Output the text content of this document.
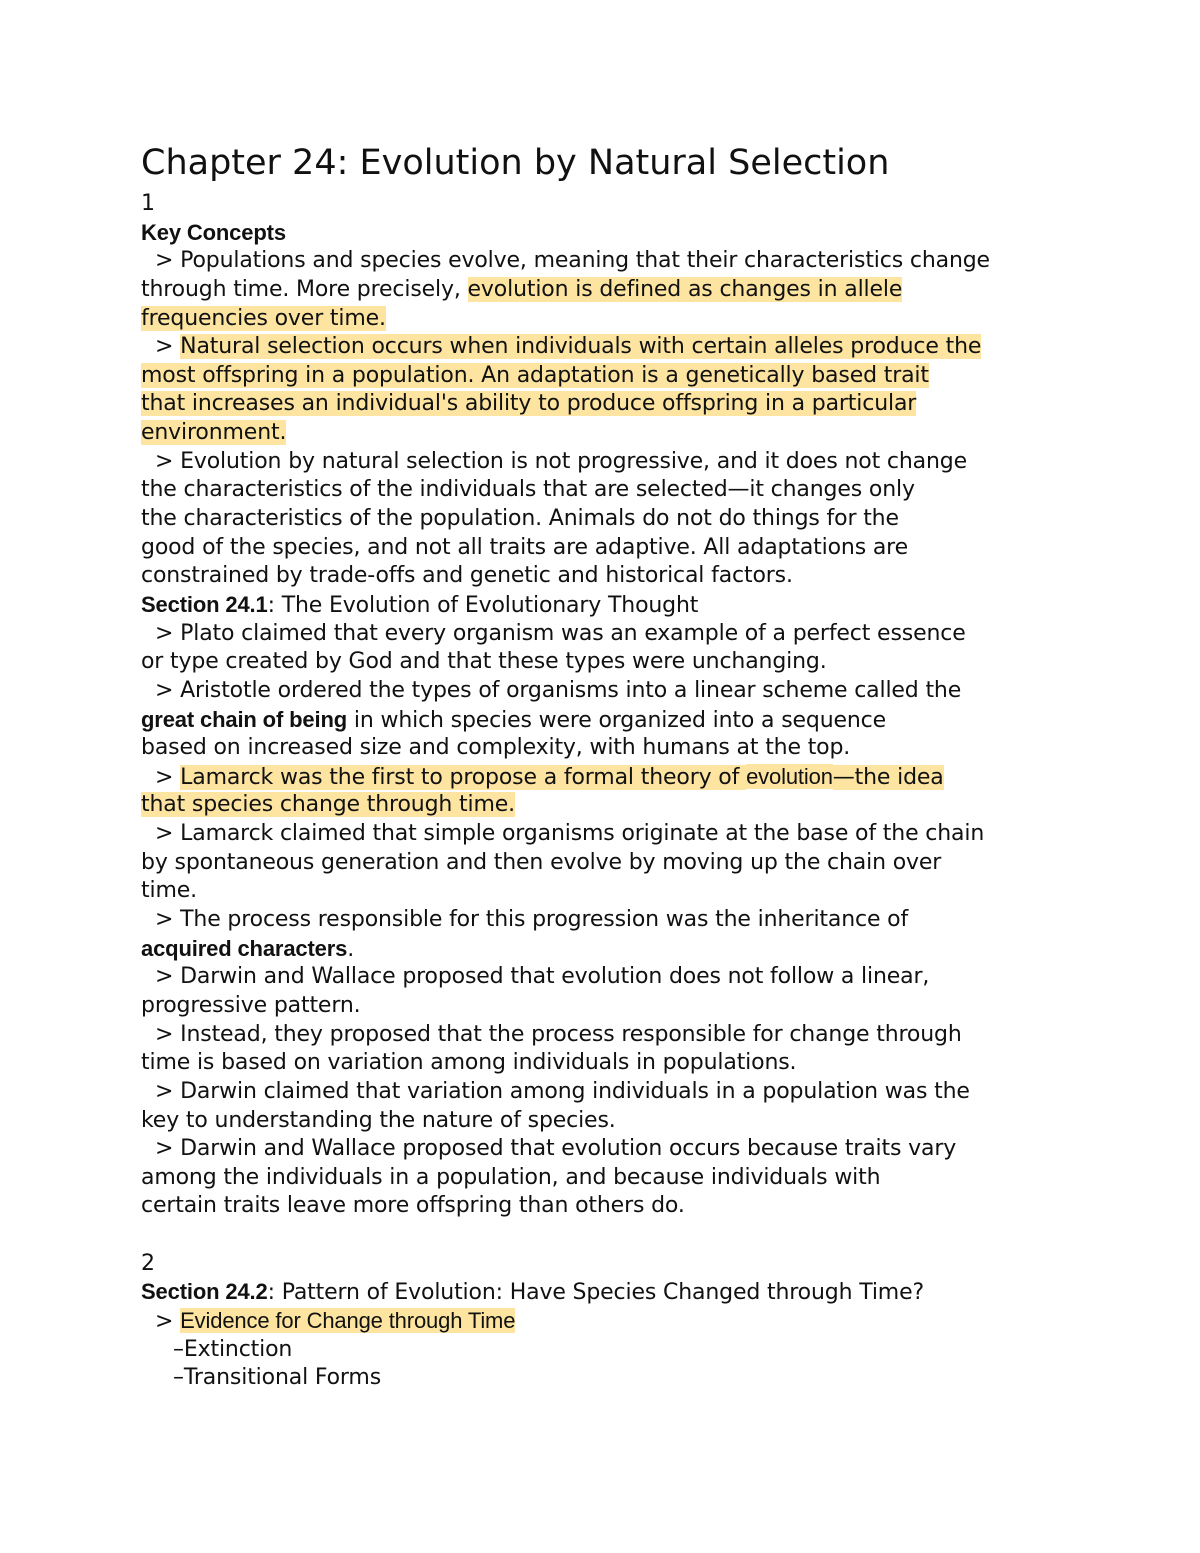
Chapter 24: Evolution by Natural Selection
1
Key Concepts
> Populations and species evolve, meaning that their characteristics change
through time. More precisely, evolution is defined as changes in allele
frequencies over time.
> Natural selection occurs when individuals with certain alleles produce the
most offspring in a population. An adaptation is a genetically based trait
that increases an individual's ability to produce offspring in a particular
environment.
> Evolution by natural selection is not progressive, and it does not change
the characteristics of the individuals that are selected—it changes only
the characteristics of the population. Animals do not do things for the
good of the species, and not all traits are adaptive. All adaptations are
constrained by trade-offs and genetic and historical factors.
Section 24.1: The Evolution of Evolutionary Thought
> Plato claimed that every organism was an example of a perfect essence
or type created by God and that these types were unchanging.
> Aristotle ordered the types of organisms into a linear scheme called the
great chain of being in which species were organized into a sequence
based on increased size and complexity, with humans at the top.
> Lamarck was the first to propose a formal theory of evolution—the idea
that species change through time.
> Lamarck claimed that simple organisms originate at the base of the chain
by spontaneous generation and then evolve by moving up the chain over
time.
> The process responsible for this progression was the inheritance of
acquired characters.
> Darwin and Wallace proposed that evolution does not follow a linear,
progressive pattern.
> Instead, they proposed that the process responsible for change through
time is based on variation among individuals in populations.
> Darwin claimed that variation among individuals in a population was the
key to understanding the nature of species.
> Darwin and Wallace proposed that evolution occurs because traits vary
among the individuals in a population, and because individuals with
certain traits leave more offspring than others do.
2
Section 24.2: Pattern of Evolution: Have Species Changed through Time?
> Evidence for Change through Time
–Extinction
–Transitional Forms
